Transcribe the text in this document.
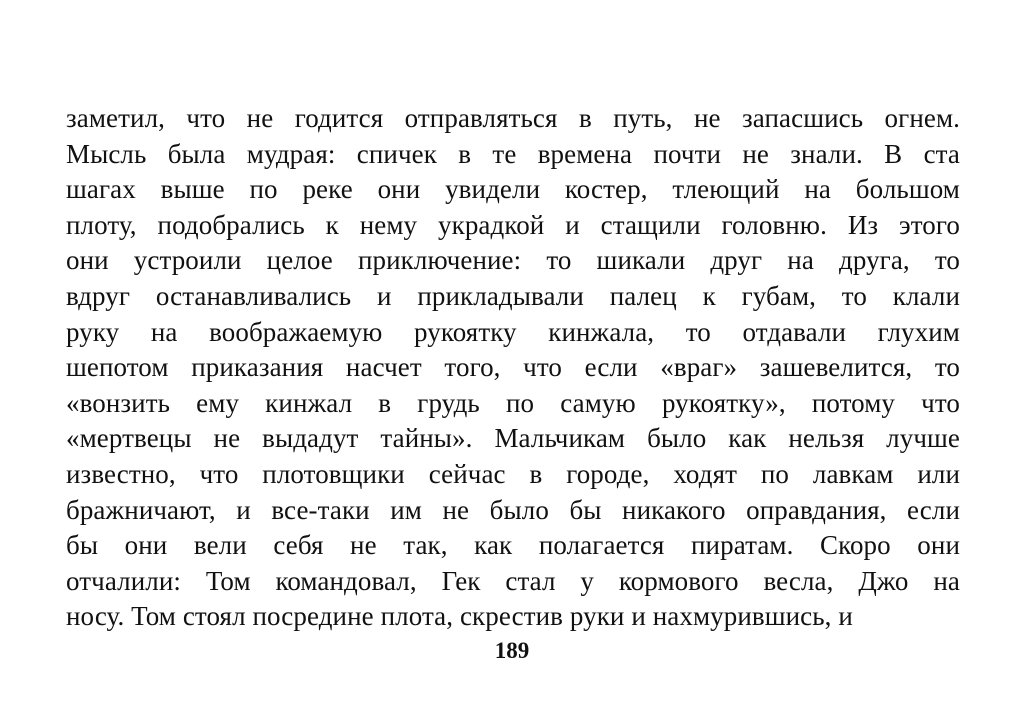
заметил, что не годится отправляться в путь, не запасшись огнем.
Мысль была мудрая: спичек в те времена почти не знали. В ста
шагах выше по реке они увидели костер, тлеющий на большом
плоту, подобрались к нему украдкой и стащили головню. Из этого
они устроили целое приключение: то шикали друг на друга, то
вдруг останавливались и прикладывали палец к губам, то клали
руку на воображаемую рукоятку кинжала, то отдавали глухим
шепотом приказания насчет того, что если «враг» зашевелится, то
«вонзить ему кинжал в грудь по самую рукоятку», потому что
«мертвецы не выдадут тайны». Мальчикам было как нельзя лучше
известно, что плотовщики сейчас в городе, ходят по лавкам или
бражничают, и все-таки им не было бы никакого оправдания, если
бы они вели себя не так, как полагается пиратам. Скоро они
отчалили: Том командовал, Гек стал у кормового весла, Джо на
носу. Том стоял посредине плота, скрестив руки и нахмурившись, и
189
